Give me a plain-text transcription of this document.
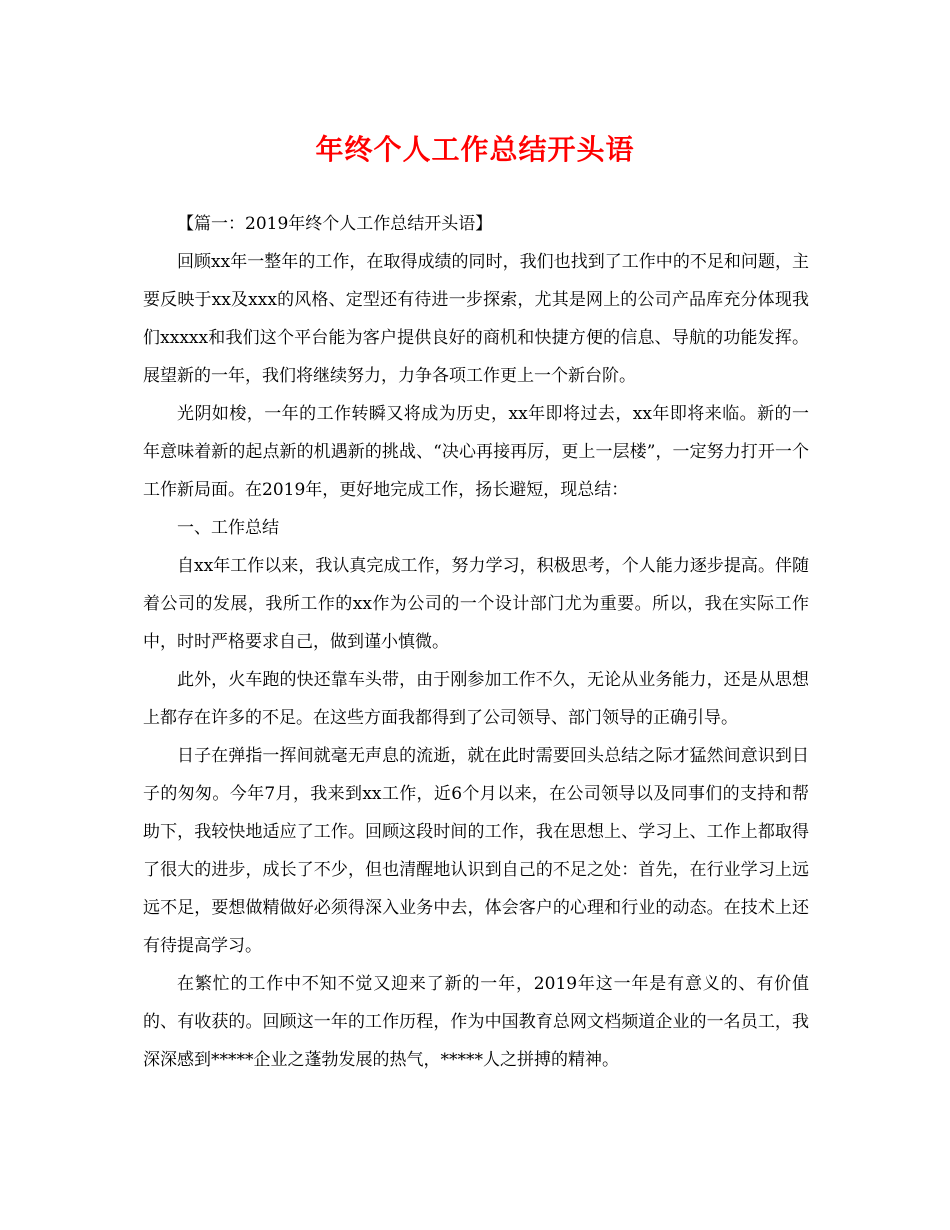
年终个人工作总结开头语

【篇一：2019年终个人工作总结开头语】

回顾xx年一整年的工作，在取得成绩的同时，我们也找到了工作中的不足和问题，主要反映于xx及xxx的风格、定型还有待进一步探索，尤其是网上的公司产品库充分体现我们xxxxx和我们这个平台能为客户提供良好的商机和快捷方便的信息、导航的功能发挥。展望新的一年，我们将继续努力，力争各项工作更上一个新台阶。

光阴如梭，一年的工作转瞬又将成为历史，xx年即将过去，xx年即将来临。新的一年意味着新的起点新的机遇新的挑战、“决心再接再厉，更上一层楼”，一定努力打开一个工作新局面。在2019年，更好地完成工作，扬长避短，现总结：

一、工作总结

自xx年工作以来，我认真完成工作，努力学习，积极思考，个人能力逐步提高。伴随着公司的发展，我所工作的xx作为公司的一个设计部门尤为重要。所以，我在实际工作中，时时严格要求自己，做到谨小慎微。

此外，火车跑的快还靠车头带，由于刚参加工作不久，无论从业务能力，还是从思想上都存在许多的不足。在这些方面我都得到了公司领导、部门领导的正确引导。

日子在弹指一挥间就毫无声息的流逝，就在此时需要回头总结之际才猛然间意识到日子的匆匆。今年7月，我来到xx工作，近6个月以来，在公司领导以及同事们的支持和帮助下，我较快地适应了工作。回顾这段时间的工作，我在思想上、学习上、工作上都取得了很大的进步，成长了不少，但也清醒地认识到自己的不足之处：首先，在行业学习上远远不足，要想做精做好必须得深入业务中去，体会客户的心理和行业的动态。在技术上还有待提高学习。

在繁忙的工作中不知不觉又迎来了新的一年，2019年这一年是有意义的、有价值的、有收获的。回顾这一年的工作历程，作为中国教育总网文档频道企业的一名员工，我深深感到*****企业之蓬勃发展的热气，*****人之拼搏的精神。
